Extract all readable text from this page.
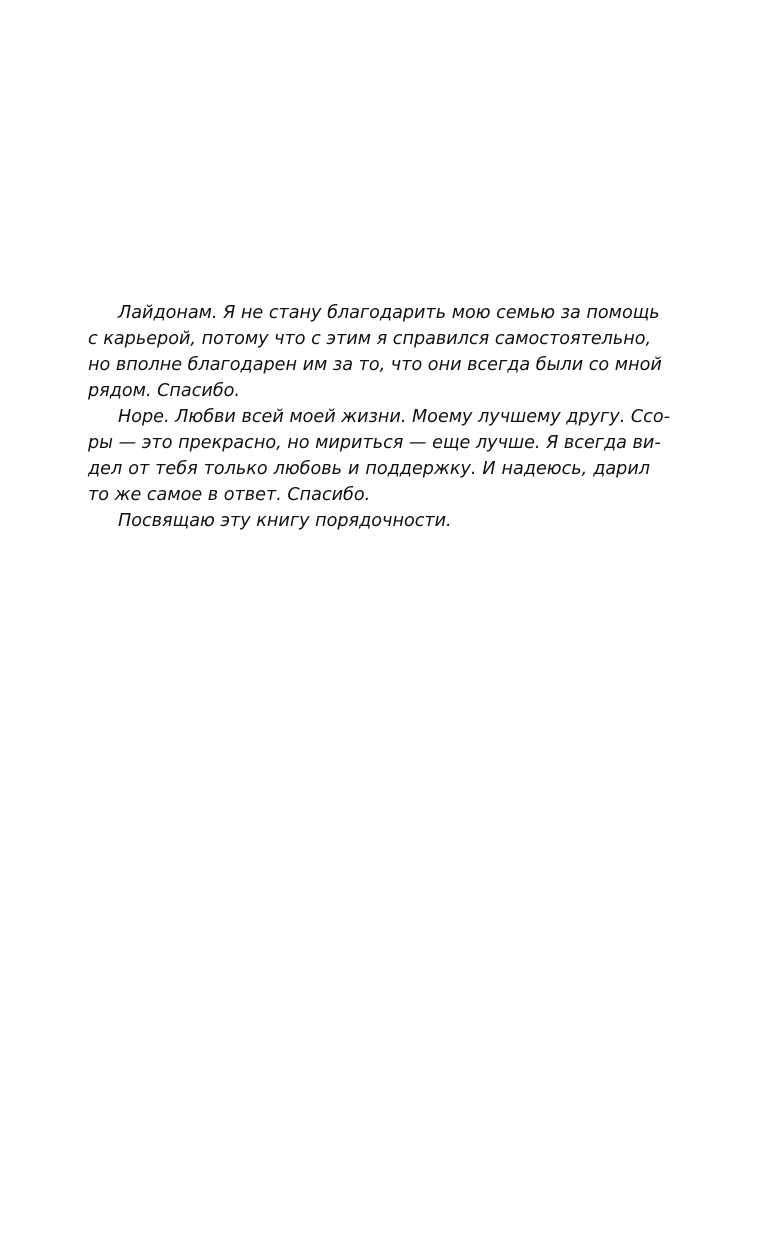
Лайдонам. Я не стану благодарить мою семью за помощь
с карьерой, потому что с этим я справился самостоятельно,
но вполне благодарен им за то, что они всегда были со мной
рядом. Спасибо.
Норе. Любви всей моей жизни. Моему лучшему другу. Ссо-
ры — это прекрасно, но мириться — еще лучше. Я всегда ви-
дел от тебя только любовь и поддержку. И надеюсь, дарил
то же самое в ответ. Спасибо.
Посвящаю эту книгу порядочности.
